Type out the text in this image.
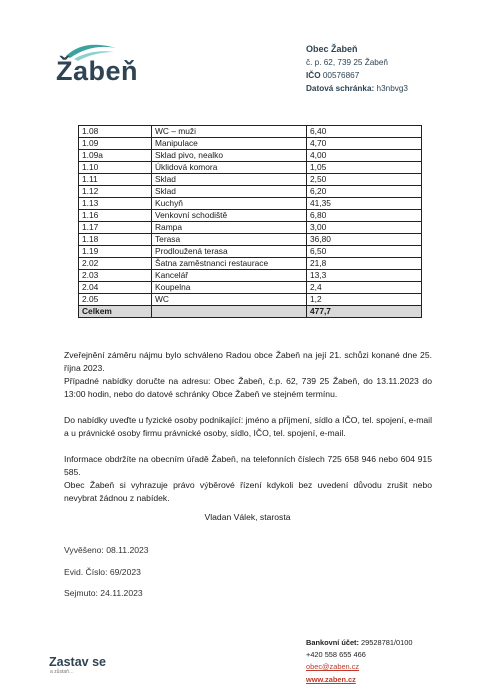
Žabeň
Obec Žabeň
č. p. 62, 739 25 Žabeň
IČO 00576867
Datová schránka: h3nbvg3
1.08	WC – muži	6,40
1.09	Manipulace	4,70
1.09a	Sklad pivo, nealko	4,00
1.10	Úklidová komora	1,05
1.11	Sklad	2,50
1.12	Sklad	6,20
1.13	Kuchyň	41,35
1.16	Venkovní schodiště	6,80
1.17	Rampa	3,00
1.18	Terasa	36,80
1.19	Prodloužená terasa	6,50
2.02	Šatna zaměstnanci restaurace	21,8
2.03	Kancelář	13,3
2.04	Koupelna	2,4
2.05	WC	1,2
Celkem		477,7
Zveřejnění záměru nájmu bylo schváleno Radou obce Žabeň na její 21. schůzi konané dne 25. října 2023.
Případné nabídky doručte na adresu: Obec Žabeň, č.p. 62, 739 25 Žabeň, do 13.11.2023 do 13:00 hodin, nebo do datové schránky Obce Žabeň ve stejném termínu.
Do nabídky uveďte u fyzické osoby podnikající: jméno a příjmení, sídlo a IČO, tel. spojení, e-mail a u právnické osoby firmu právnické osoby, sídlo, IČO, tel. spojení, e-mail.
Informace obdržíte na obecním úřadě Žabeň, na telefonních číslech 725 658 946 nebo 604 915 585.
Obec Žabeň si vyhrazuje právo výběrové řízení kdykoli bez uvedení důvodu zrušit nebo nevybrat žádnou z nabídek.
Vladan Válek, starosta
Vyvěšeno: 08.11.2023
Evid. Číslo: 69/2023
Sejmuto: 24.11.2023
Zastav se
a zůstaň…
Bankovní účet: 29528781/0100
+420 558 655 466
obec@zaben.cz
www.zaben.cz
